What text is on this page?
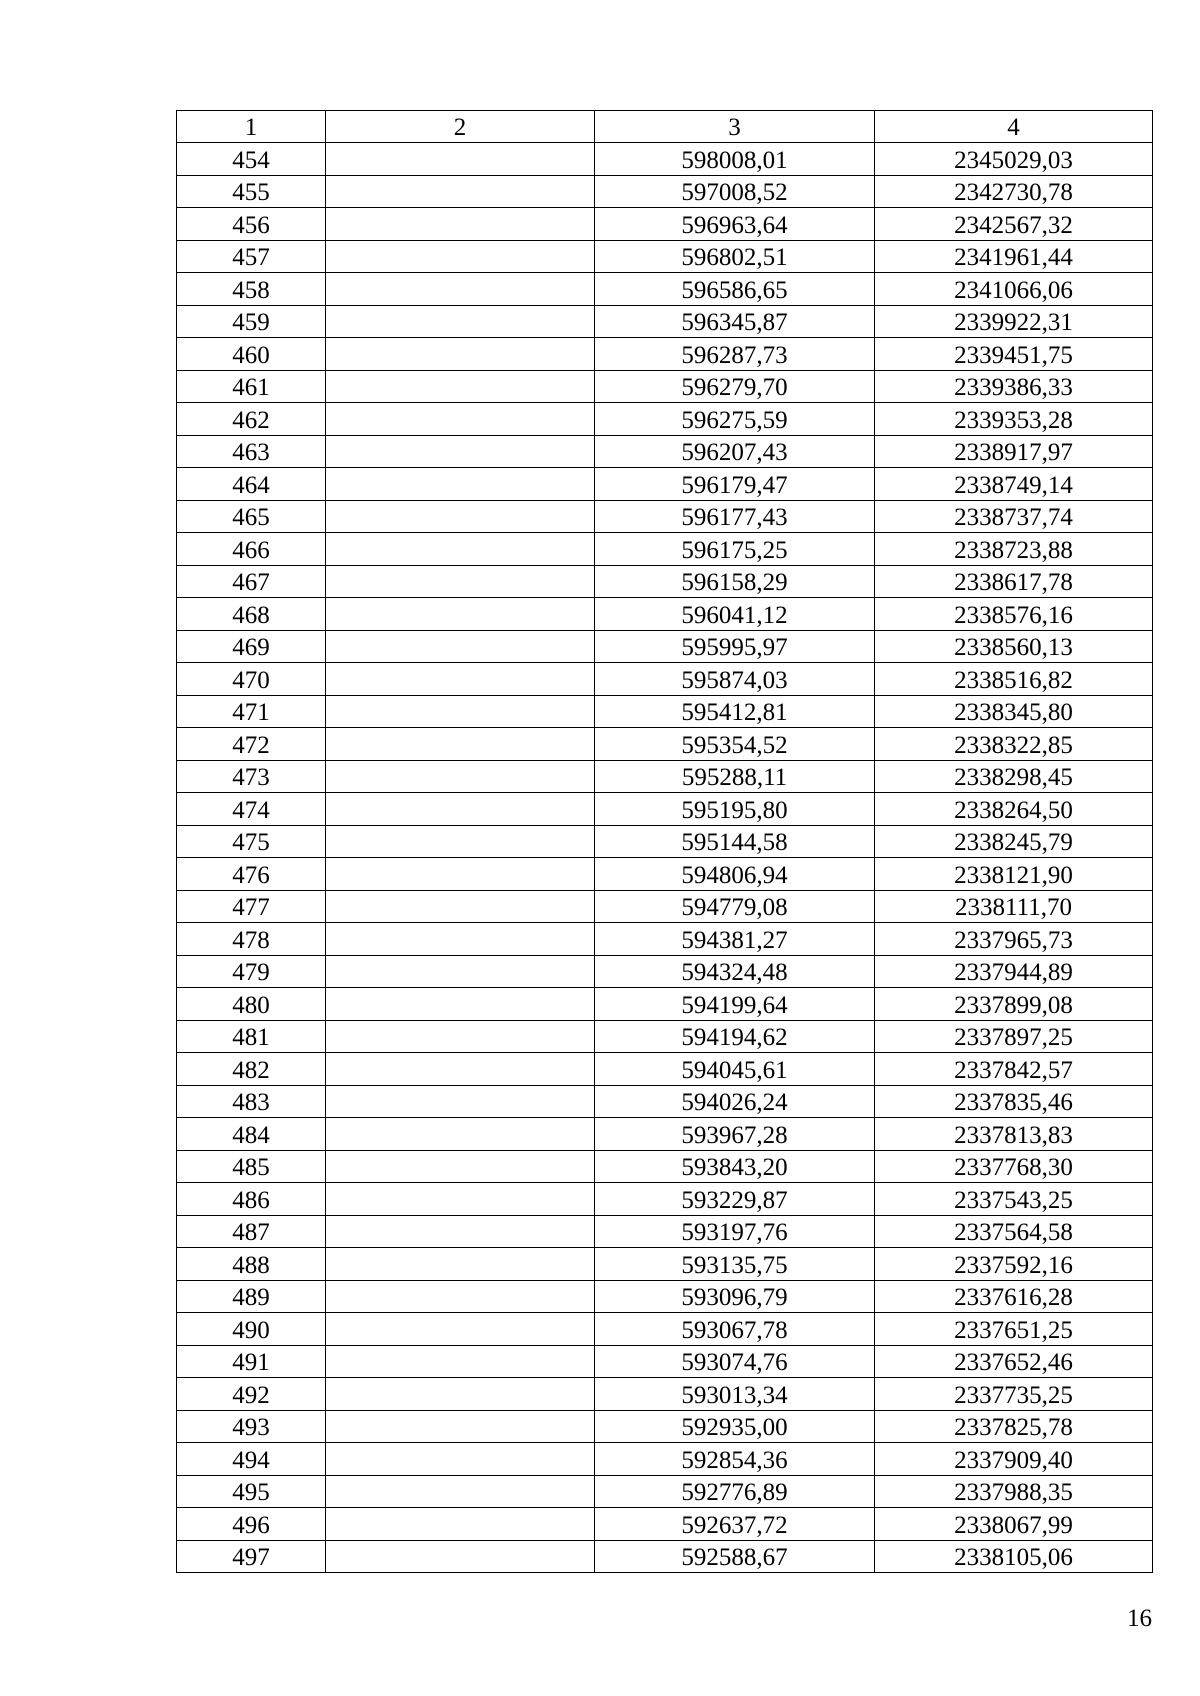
1	2	3	4
454		598008,01	2345029,03
455		597008,52	2342730,78
456		596963,64	2342567,32
457		596802,51	2341961,44
458		596586,65	2341066,06
459		596345,87	2339922,31
460		596287,73	2339451,75
461		596279,70	2339386,33
462		596275,59	2339353,28
463		596207,43	2338917,97
464		596179,47	2338749,14
465		596177,43	2338737,74
466		596175,25	2338723,88
467		596158,29	2338617,78
468		596041,12	2338576,16
469		595995,97	2338560,13
470		595874,03	2338516,82
471		595412,81	2338345,80
472		595354,52	2338322,85
473		595288,11	2338298,45
474		595195,80	2338264,50
475		595144,58	2338245,79
476		594806,94	2338121,90
477		594779,08	2338111,70
478		594381,27	2337965,73
479		594324,48	2337944,89
480		594199,64	2337899,08
481		594194,62	2337897,25
482		594045,61	2337842,57
483		594026,24	2337835,46
484		593967,28	2337813,83
485		593843,20	2337768,30
486		593229,87	2337543,25
487		593197,76	2337564,58
488		593135,75	2337592,16
489		593096,79	2337616,28
490		593067,78	2337651,25
491		593074,76	2337652,46
492		593013,34	2337735,25
493		592935,00	2337825,78
494		592854,36	2337909,40
495		592776,89	2337988,35
496		592637,72	2338067,99
497		592588,67	2338105,06
16
